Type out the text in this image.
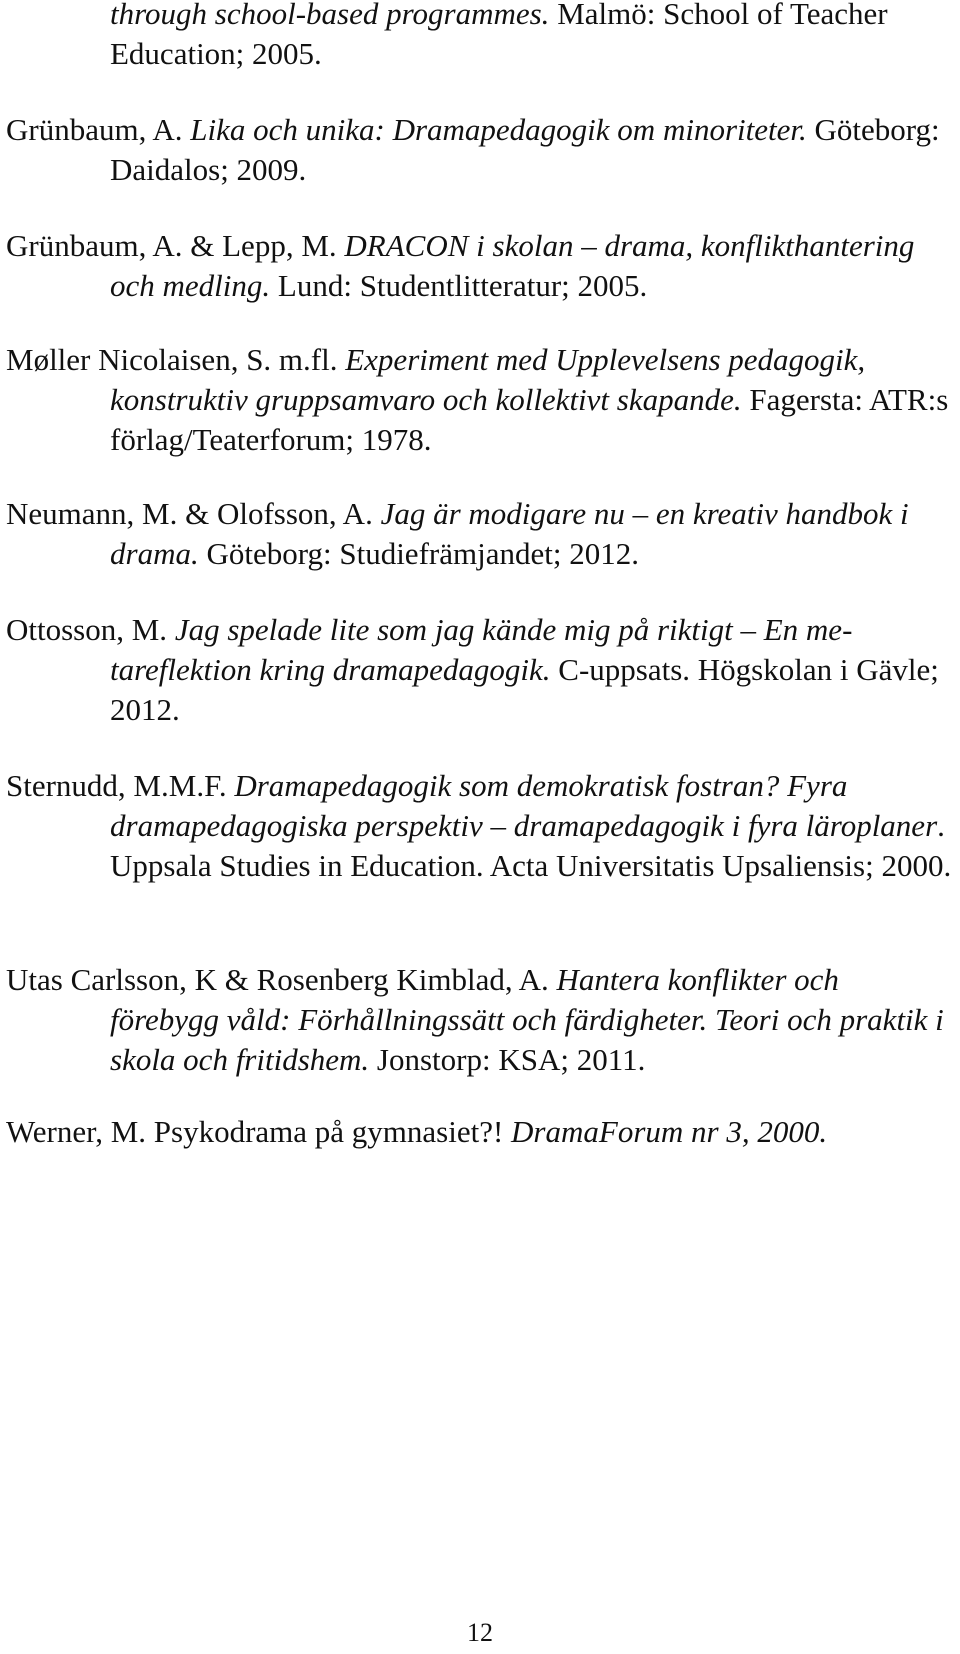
through school-based programmes. Malmö: School of Teacher Education; 2005.
Grünbaum, A. Lika och unika: Dramapedagogik om minoriteter. Göteborg: Daidalos; 2009.
Grünbaum, A. & Lepp, M. DRACON i skolan – drama, konflikthantering och medling. Lund: Studentlitteratur; 2005.
Møller Nicolaisen, S. m.fl. Experiment med Upplevelsens pedagogik, konstruktiv gruppsamvaro och kollektivt skapande. Fagersta: ATR:s förlag/Teaterforum; 1978.
Neumann, M. & Olofsson, A. Jag är modigare nu – en kreativ handbok i drama. Göteborg: Studiefrämjandet; 2012.
Ottosson, M. Jag spelade lite som jag kände mig på riktigt – En metareflektion kring dramapedagogik. C-uppsats. Högskolan i Gävle; 2012.
Sternudd, M.M.F. Dramapedagogik som demokratisk fostran? Fyra dramapedagogiska perspektiv – dramapedagogik i fyra läroplaner. Uppsala Studies in Education. Acta Universitatis Upsaliensis; 2000.
Utas Carlsson, K & Rosenberg Kimblad, A. Hantera konflikter och förebygg våld: Förhållningssätt och färdigheter. Teori och praktik i skola och fritidshem. Jonstorp: KSA; 2011.
Werner, M. Psykodrama på gymnasiet?! DramaForum nr 3, 2000.
12
